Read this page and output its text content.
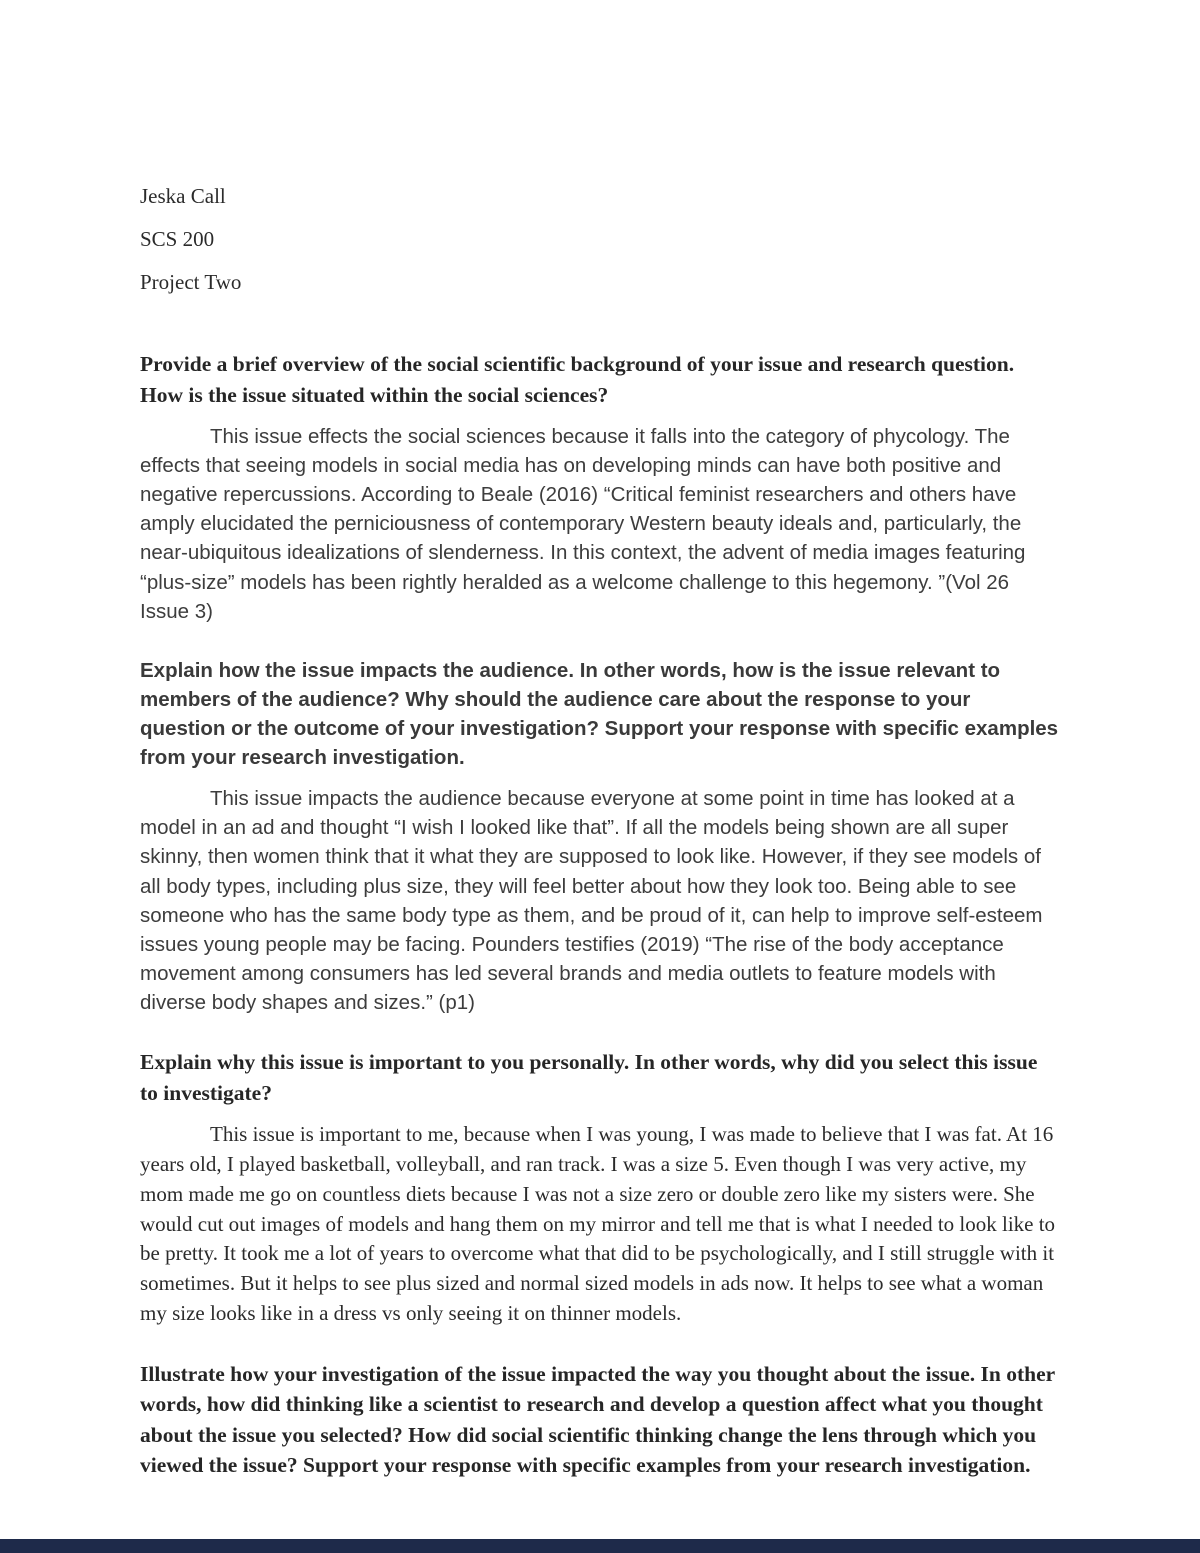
Jeska Call

SCS 200

Project Two

Provide a brief overview of the social scientific background of your issue and research question. How is the issue situated within the social sciences?

This issue effects the social sciences because it falls into the category of phycology. The effects that seeing models in social media has on developing minds can have both positive and negative repercussions. According to Beale (2016) “Critical feminist researchers and others have amply elucidated the perniciousness of contemporary Western beauty ideals and, particularly, the near-ubiquitous idealizations of slenderness. In this context, the advent of media images featuring “plus-size” models has been rightly heralded as a welcome challenge to this hegemony. ”(Vol 26 Issue 3)

Explain how the issue impacts the audience. In other words, how is the issue relevant to members of the audience? Why should the audience care about the response to your question or the outcome of your investigation? Support your response with specific examples from your research investigation.

This issue impacts the audience because everyone at some point in time has looked at a model in an ad and thought “I wish I looked like that”. If all the models being shown are all super skinny, then women think that it what they are supposed to look like. However, if they see models of all body types, including plus size, they will feel better about how they look too. Being able to see someone who has the same body type as them, and be proud of it, can help to improve self-esteem issues young people may be facing. Pounders testifies (2019) “The rise of the body acceptance movement among consumers has led several brands and media outlets to feature models with diverse body shapes and sizes.” (p1)

Explain why this issue is important to you personally. In other words, why did you select this issue to investigate?

This issue is important to me, because when I was young, I was made to believe that I was fat. At 16 years old, I played basketball, volleyball, and ran track. I was a size 5. Even though I was very active, my mom made me go on countless diets because I was not a size zero or double zero like my sisters were. She would cut out images of models and hang them on my mirror and tell me that is what I needed to look like to be pretty. It took me a lot of years to overcome what that did to be psychologically, and I still struggle with it sometimes. But it helps to see plus sized and normal sized models in ads now. It helps to see what a woman my size looks like in a dress vs only seeing it on thinner models.

Illustrate how your investigation of the issue impacted the way you thought about the issue. In other words, how did thinking like a scientist to research and develop a question affect what you thought about the issue you selected? How did social scientific thinking change the lens through which you viewed the issue? Support your response with specific examples from your research investigation.
